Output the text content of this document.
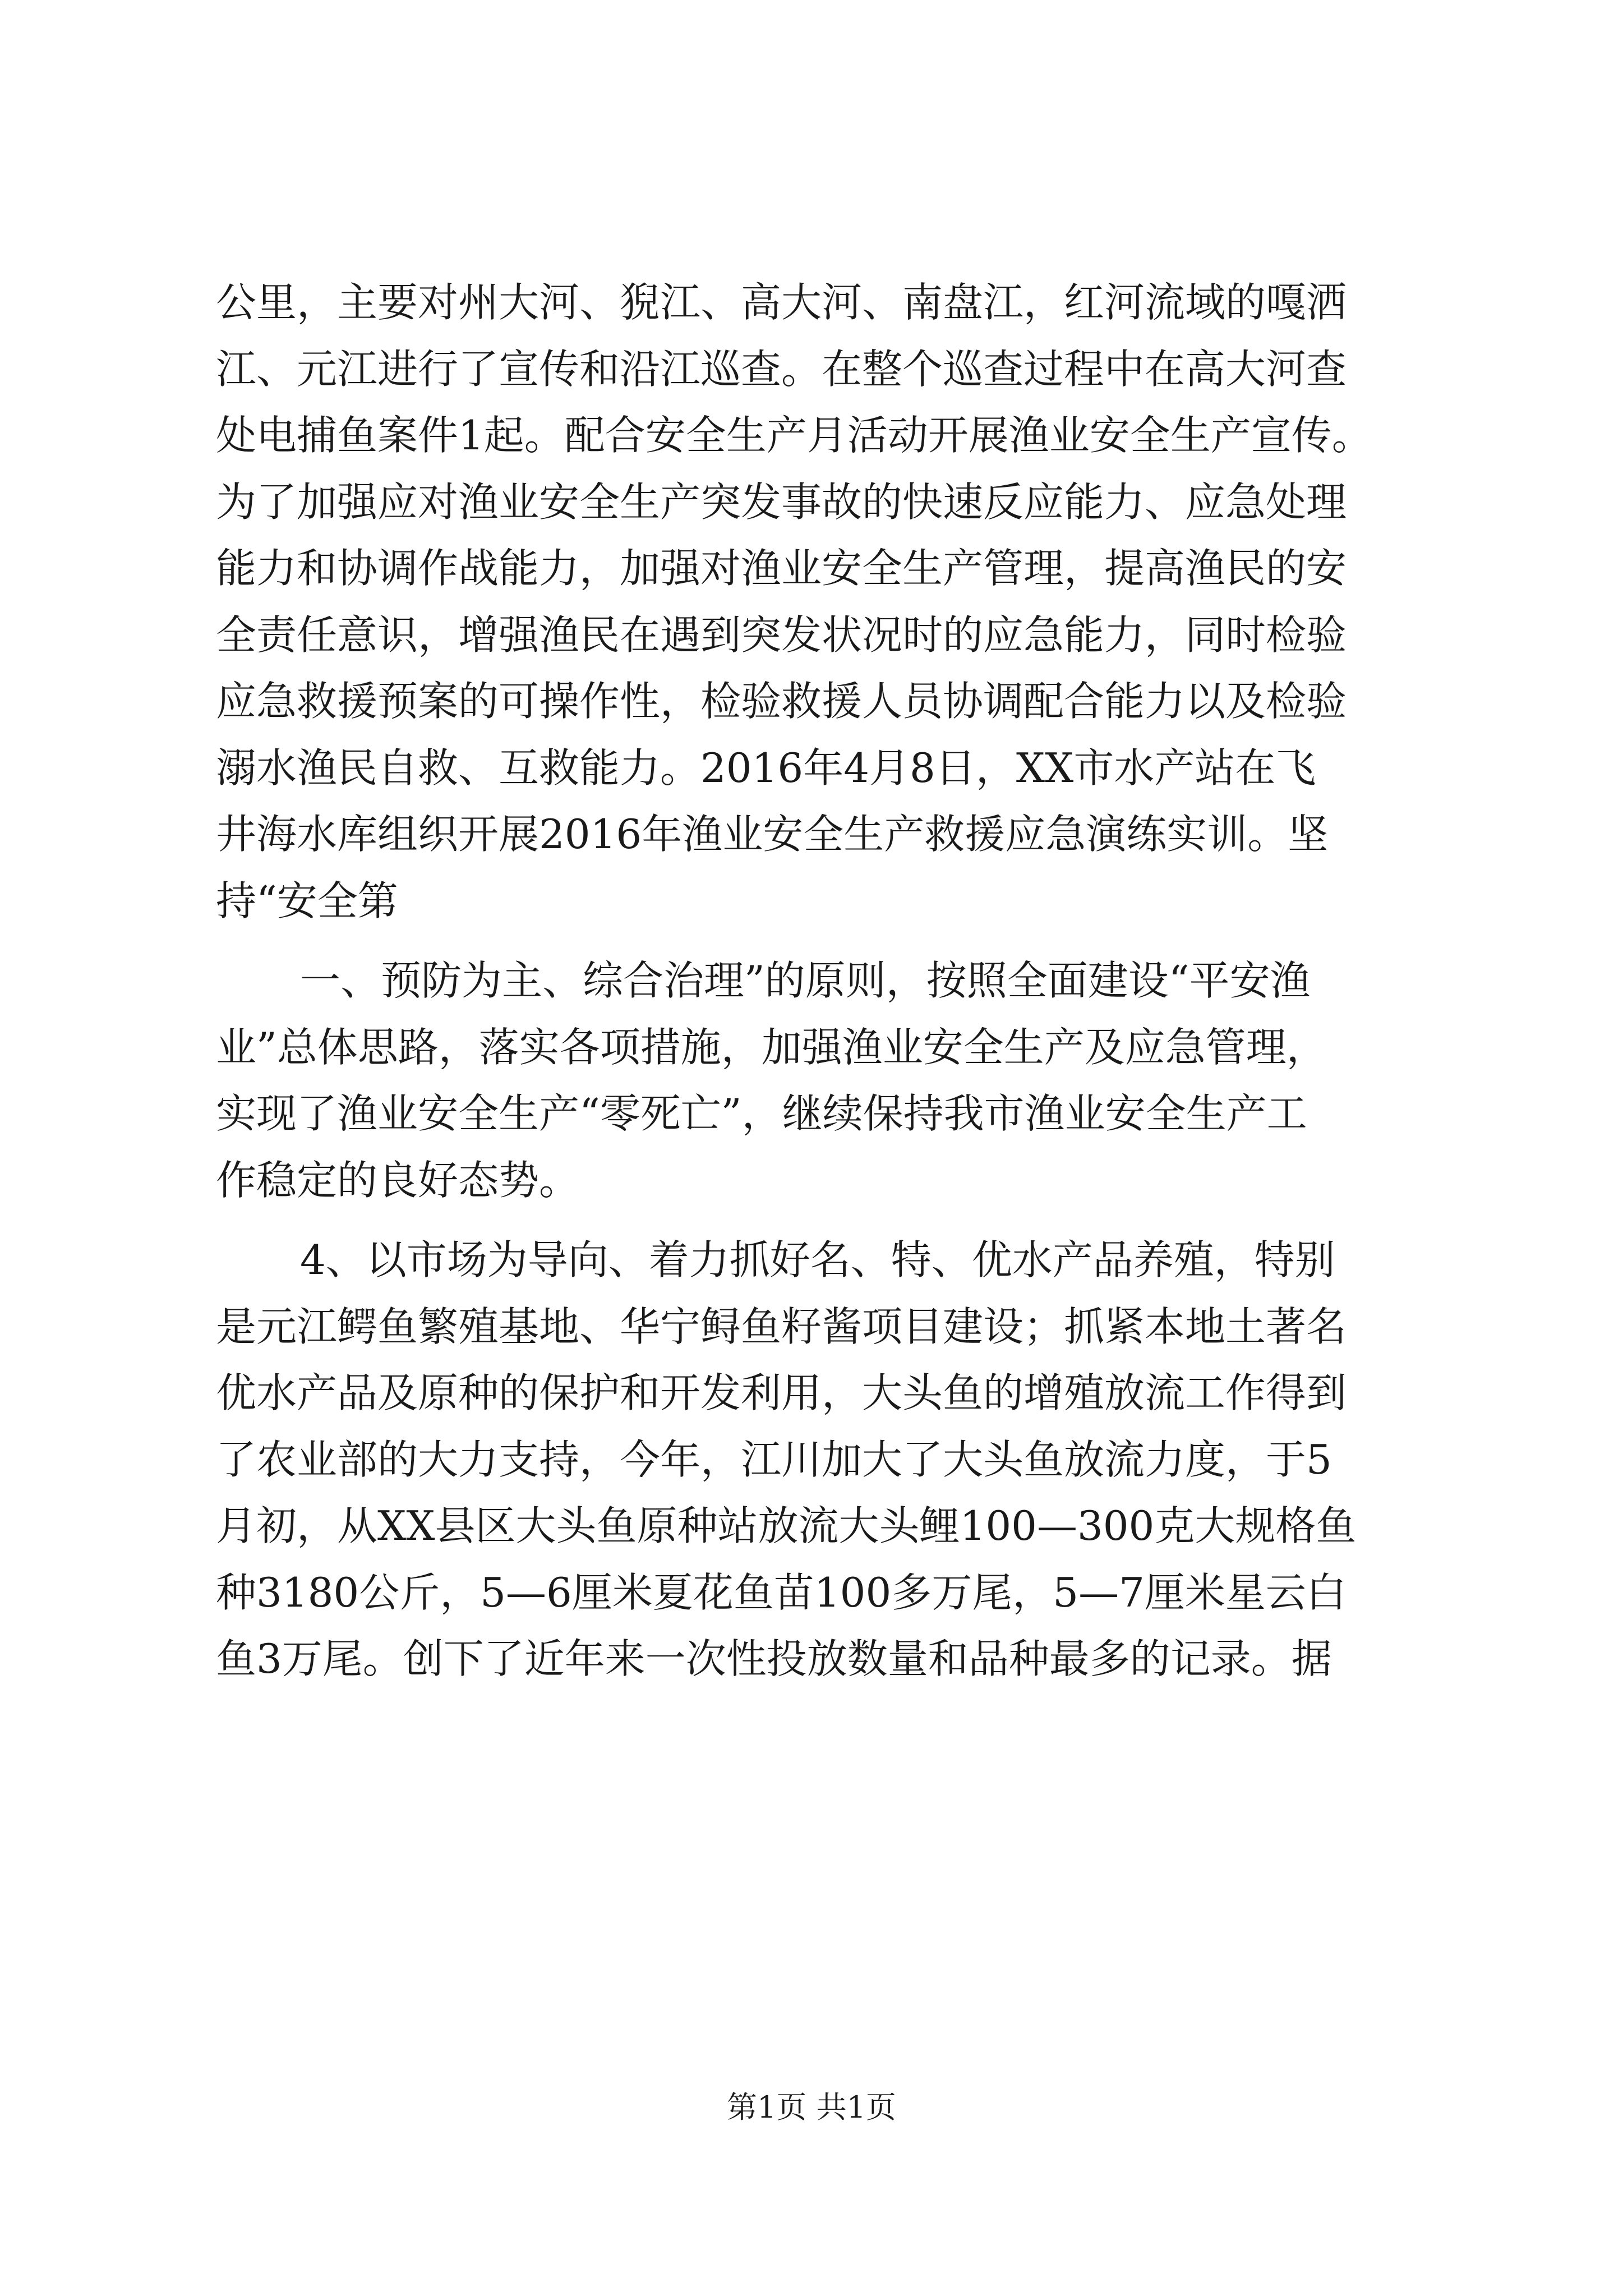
公里，主要对州大河、猊江、高大河、南盘江，红河流域的嘎洒
江、元江进行了宣传和沿江巡查。在整个巡查过程中在高大河查
处电捕鱼案件1起。配合安全生产月活动开展渔业安全生产宣传。
为了加强应对渔业安全生产突发事故的快速反应能力、应急处理
能力和协调作战能力，加强对渔业安全生产管理，提高渔民的安
全责任意识，增强渔民在遇到突发状况时的应急能力，同时检验
应急救援预案的可操作性，检验救援人员协调配合能力以及检验
溺水渔民自救、互救能力。2016年4月8日，XX市水产站在飞
井海水库组织开展2016年渔业安全生产救援应急演练实训。坚
持“安全第
一、预防为主、综合治理”的原则，按照全面建设“平安渔
业”总体思路，落实各项措施，加强渔业安全生产及应急管理，
实现了渔业安全生产“零死亡”，继续保持我市渔业安全生产工
作稳定的良好态势。
4、以市场为导向、着力抓好名、特、优水产品养殖，特别
是元江鳄鱼繁殖基地、华宁鲟鱼籽酱项目建设；抓紧本地土著名
优水产品及原种的保护和开发利用，大头鱼的增殖放流工作得到
了农业部的大力支持，今年，江川加大了大头鱼放流力度，于5
月初，从XX县区大头鱼原种站放流大头鲤100—300克大规格鱼
种3180公斤，5—6厘米夏花鱼苗100多万尾，5—7厘米星云白
鱼3万尾。创下了近年来一次性投放数量和品种最多的记录。据
第1页 共1页
